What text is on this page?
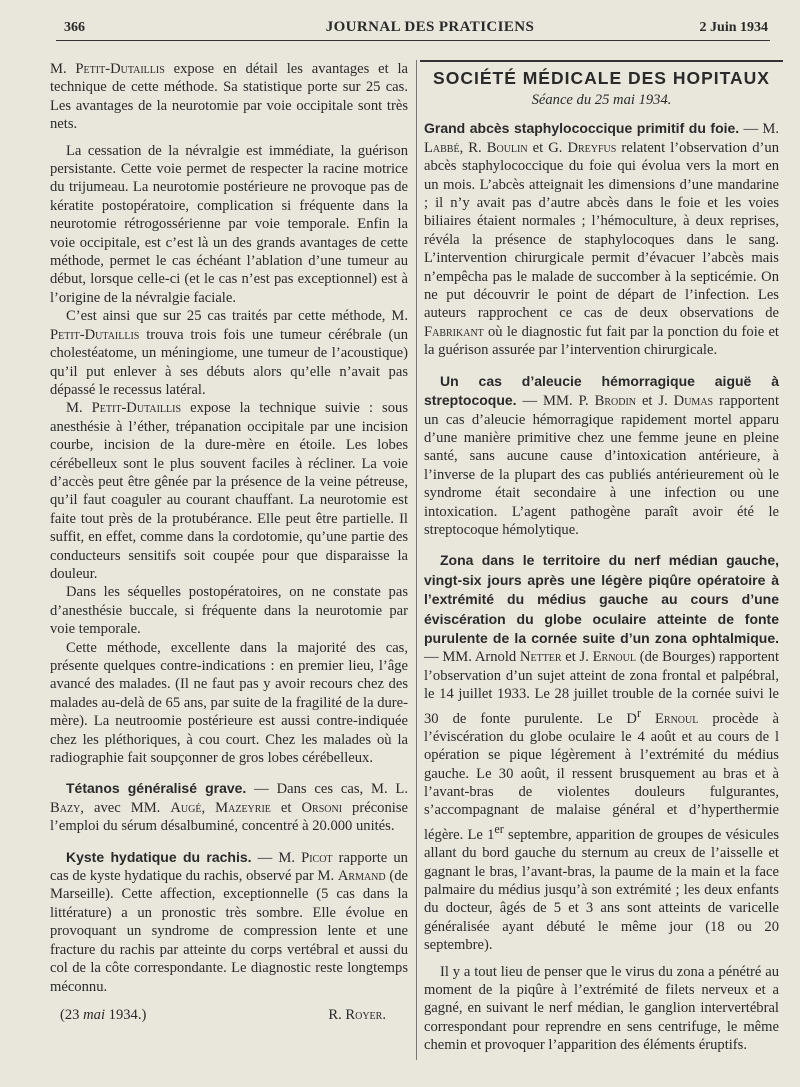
366	JOURNAL DES PRATICIENS	2 Juin 1934

M. Petit-Dutaillis expose en détail les avantages et la technique de cette méthode. Sa statistique porte sur 25 cas. Les avantages de la neurotomie par voie occipitale sont très nets.

La cessation de la névralgie est immédiate, la guérison persistante. Cette voie permet de respecter la racine motrice du trijumeau. La neurotomie postérieure ne provoque pas de kératite postopératoire, complication si fréquente dans la neurotomie rétrogossérienne par voie temporale. Enfin la voie occipitale, est c’est là un des grands avantages de cette méthode, permet le cas échéant l’ablation d’une tumeur au début, lorsque celle-ci (et le cas n’est pas exceptionnel) est à l’origine de la névralgie faciale.

C’est ainsi que sur 25 cas traités par cette méthode, M. Petit-Dutaillis trouva trois fois une tumeur cérébrale (un cholestéatome, un méningiome, une tumeur de l’acoustique) qu’il put enlever à ses débuts alors qu’elle n’avait pas dépassé le recessus latéral.

M. Petit-Dutaillis expose la technique suivie : sous anesthésie à l’éther, trépanation occipitale par une incision courbe, incision de la dure-mère en étoile. Les lobes cérébelleux sont le plus souvent faciles à récliner. La voie d’accès peut être gênée par la présence de la veine pétreuse, qu’il faut coaguler au courant chauffant. La neurotomie est faite tout près de la protubérance. Elle peut être partielle. Il suffit, en effet, comme dans la cordotomie, qu’une partie des conducteurs sensitifs soit coupée pour que disparaisse la douleur.

Dans les séquelles postopératoires, on ne constate pas d’anesthésie buccale, si fréquente dans la neurotomie par voie temporale.

Cette méthode, excellente dans la majorité des cas, présente quelques contre-indications : en premier lieu, l’âge avancé des malades. (Il ne faut pas y avoir recours chez des malades au-delà de 65 ans, par suite de la fragilité de la dure-mère). La neutroomie postérieure est aussi contre-indiquée chez les pléthoriques, à cou court. Chez les malades où la radiographie fait soupçonner de gros lobes cérébelleux.

Tétanos généralisé grave. — Dans ces cas, M. L. Bazy, avec MM. Augé, Mazeyrie et Orsoni préconise l’emploi du sérum désalbuminé, concentré à 20.000 unités.

Kyste hydatique du rachis. — M. Picot rapporte un cas de kyste hydatique du rachis, observé par M. Armand (de Marseille). Cette affection, exceptionnelle (5 cas dans la littérature) a un pronostic très sombre. Elle évolue en provoquant un syndrome de compression lente et une fracture du rachis par atteinte du corps vertébral et aussi du col de la côte correspondante. Le diagnostic reste longtemps méconnu.

(23 mai 1934.)	R. Royer.
SOCIÉTÉ MÉDICALE DES HOPITAUX
Séance du 25 mai 1934.

Grand abcès staphylococcique primitif du foie. — M. Labbé, R. Boulin et G. Dreyfus relatent l’observation d’un abcès staphylococcique du foie qui évolua vers la mort en un mois. L’abcès atteignait les dimensions d’une mandarine ; il n’y avait pas d’autre abcès dans le foie et les voies biliaires étaient normales ; l’hémoculture, à deux reprises, révéla la présence de staphylocoques dans le sang. L’intervention chirurgicale permit d’évacuer l’abcès mais n’empêcha pas le malade de succomber à la septicémie. On ne put découvrir le point de départ de l’infection. Les auteurs rapprochent ce cas de deux observations de Fabrikant où le diagnostic fut fait par la ponction du foie et la guérison assurée par l’intervention chirurgicale.

Un cas d’aleucie hémorragique aiguë à streptocoque. — MM. P. Brodin et J. Dumas rapportent un cas d’aleucie hémorragique rapidement mortel apparu d’une manière primitive chez une femme jeune en pleine santé, sans aucune cause d’intoxication antérieure, à l’inverse de la plupart des cas publiés antérieurement où le syndrome était secondaire à une infection ou une intoxication. L’agent pathogène paraît avoir été le streptocoque hémolytique.

Zona dans le territoire du nerf médian gauche, vingt-six jours après une légère piqûre opératoire à l’extrémité du médius gauche au cours d’une éviscération du globe oculaire atteinte de fonte purulente de la cornée suite d’un zona ophtalmique. — MM. Arnold Netter et J. Ernoul (de Bourges) rapportent l’observation d’un sujet atteint de zona frontal et palpébral, le 14 juillet 1933. Le 28 juillet trouble de la cornée suivi le 30 de fonte purulente. Le $D^r$ Ernoul procède à l’éviscération du globe oculaire le 4 août et au cours de l opération se pique légèrement à l’extrémité du médius gauche. Le 30 août, il ressent brusquement au bras et à l’avant-bras de violentes douleurs fulgurantes, s’accompagnant de malaise général et d’hyperthermie légère. Le 1er septembre, apparition de groupes de vésicules allant du bord gauche du sternum au creux de l’aisselle et gagnant le bras, l’avant-bras, la paume de la main et la face palmaire du médius jusqu’à son extrémité ; les deux enfants du docteur, âgés de 5 et 3 ans sont atteints de varicelle généralisée ayant débuté le même jour (18 ou 20 septembre).

Il y a tout lieu de penser que le virus du zona a pénétré au moment de la piqûre à l’extrémité de filets nerveux et a gagné, en suivant le nerf médian, le ganglion intervertébral correspondant pour reprendre en sens centrifuge, le même chemin et provoquer l’apparition des éléments éruptifs.
